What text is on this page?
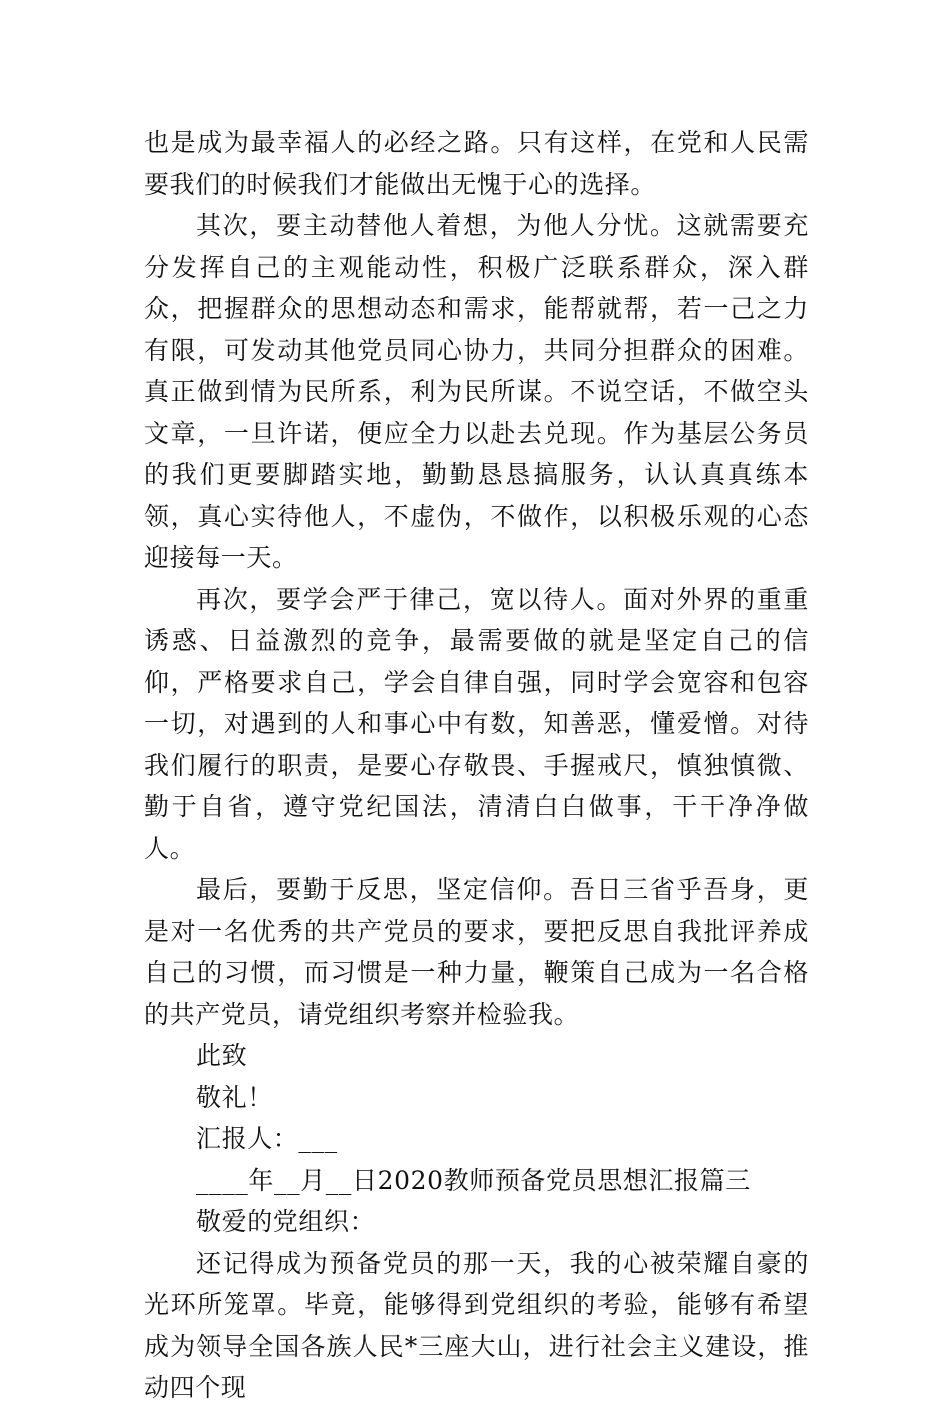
也是成为最幸福人的必经之路。只有这样，在党和人民需要我们的时候我们才能做出无愧于心的选择。

其次，要主动替他人着想，为他人分忧。这就需要充分发挥自己的主观能动性，积极广泛联系群众，深入群众，把握群众的思想动态和需求，能帮就帮，若一己之力有限，可发动其他党员同心协力，共同分担群众的困难。真正做到情为民所系，利为民所谋。不说空话，不做空头文章，一旦许诺，便应全力以赴去兑现。作为基层公务员的我们更要脚踏实地，勤勤恳恳搞服务，认认真真练本领，真心实待他人，不虚伪，不做作，以积极乐观的心态迎接每一天。

再次，要学会严于律己，宽以待人。面对外界的重重诱惑、日益激烈的竞争，最需要做的就是坚定自己的信仰，严格要求自己，学会自律自强，同时学会宽容和包容一切，对遇到的人和事心中有数，知善恶，懂爱憎。对待我们履行的职责，是要心存敬畏、手握戒尺，慎独慎微、勤于自省，遵守党纪国法，清清白白做事，干干净净做人。

最后，要勤于反思，坚定信仰。吾日三省乎吾身，更是对一名优秀的共产党员的要求，要把反思自我批评养成自己的习惯，而习惯是一种力量，鞭策自己成为一名合格的共产党员，请党组织考察并检验我。

此致

敬礼！

汇报人：___

____年__月__日2020教师预备党员思想汇报篇三

敬爱的党组织：

还记得成为预备党员的那一天，我的心被荣耀自豪的光环所笼罩。毕竟，能够得到党组织的考验，能够有希望成为领导全国各族人民*三座大山，进行社会主义建设，推动四个现
